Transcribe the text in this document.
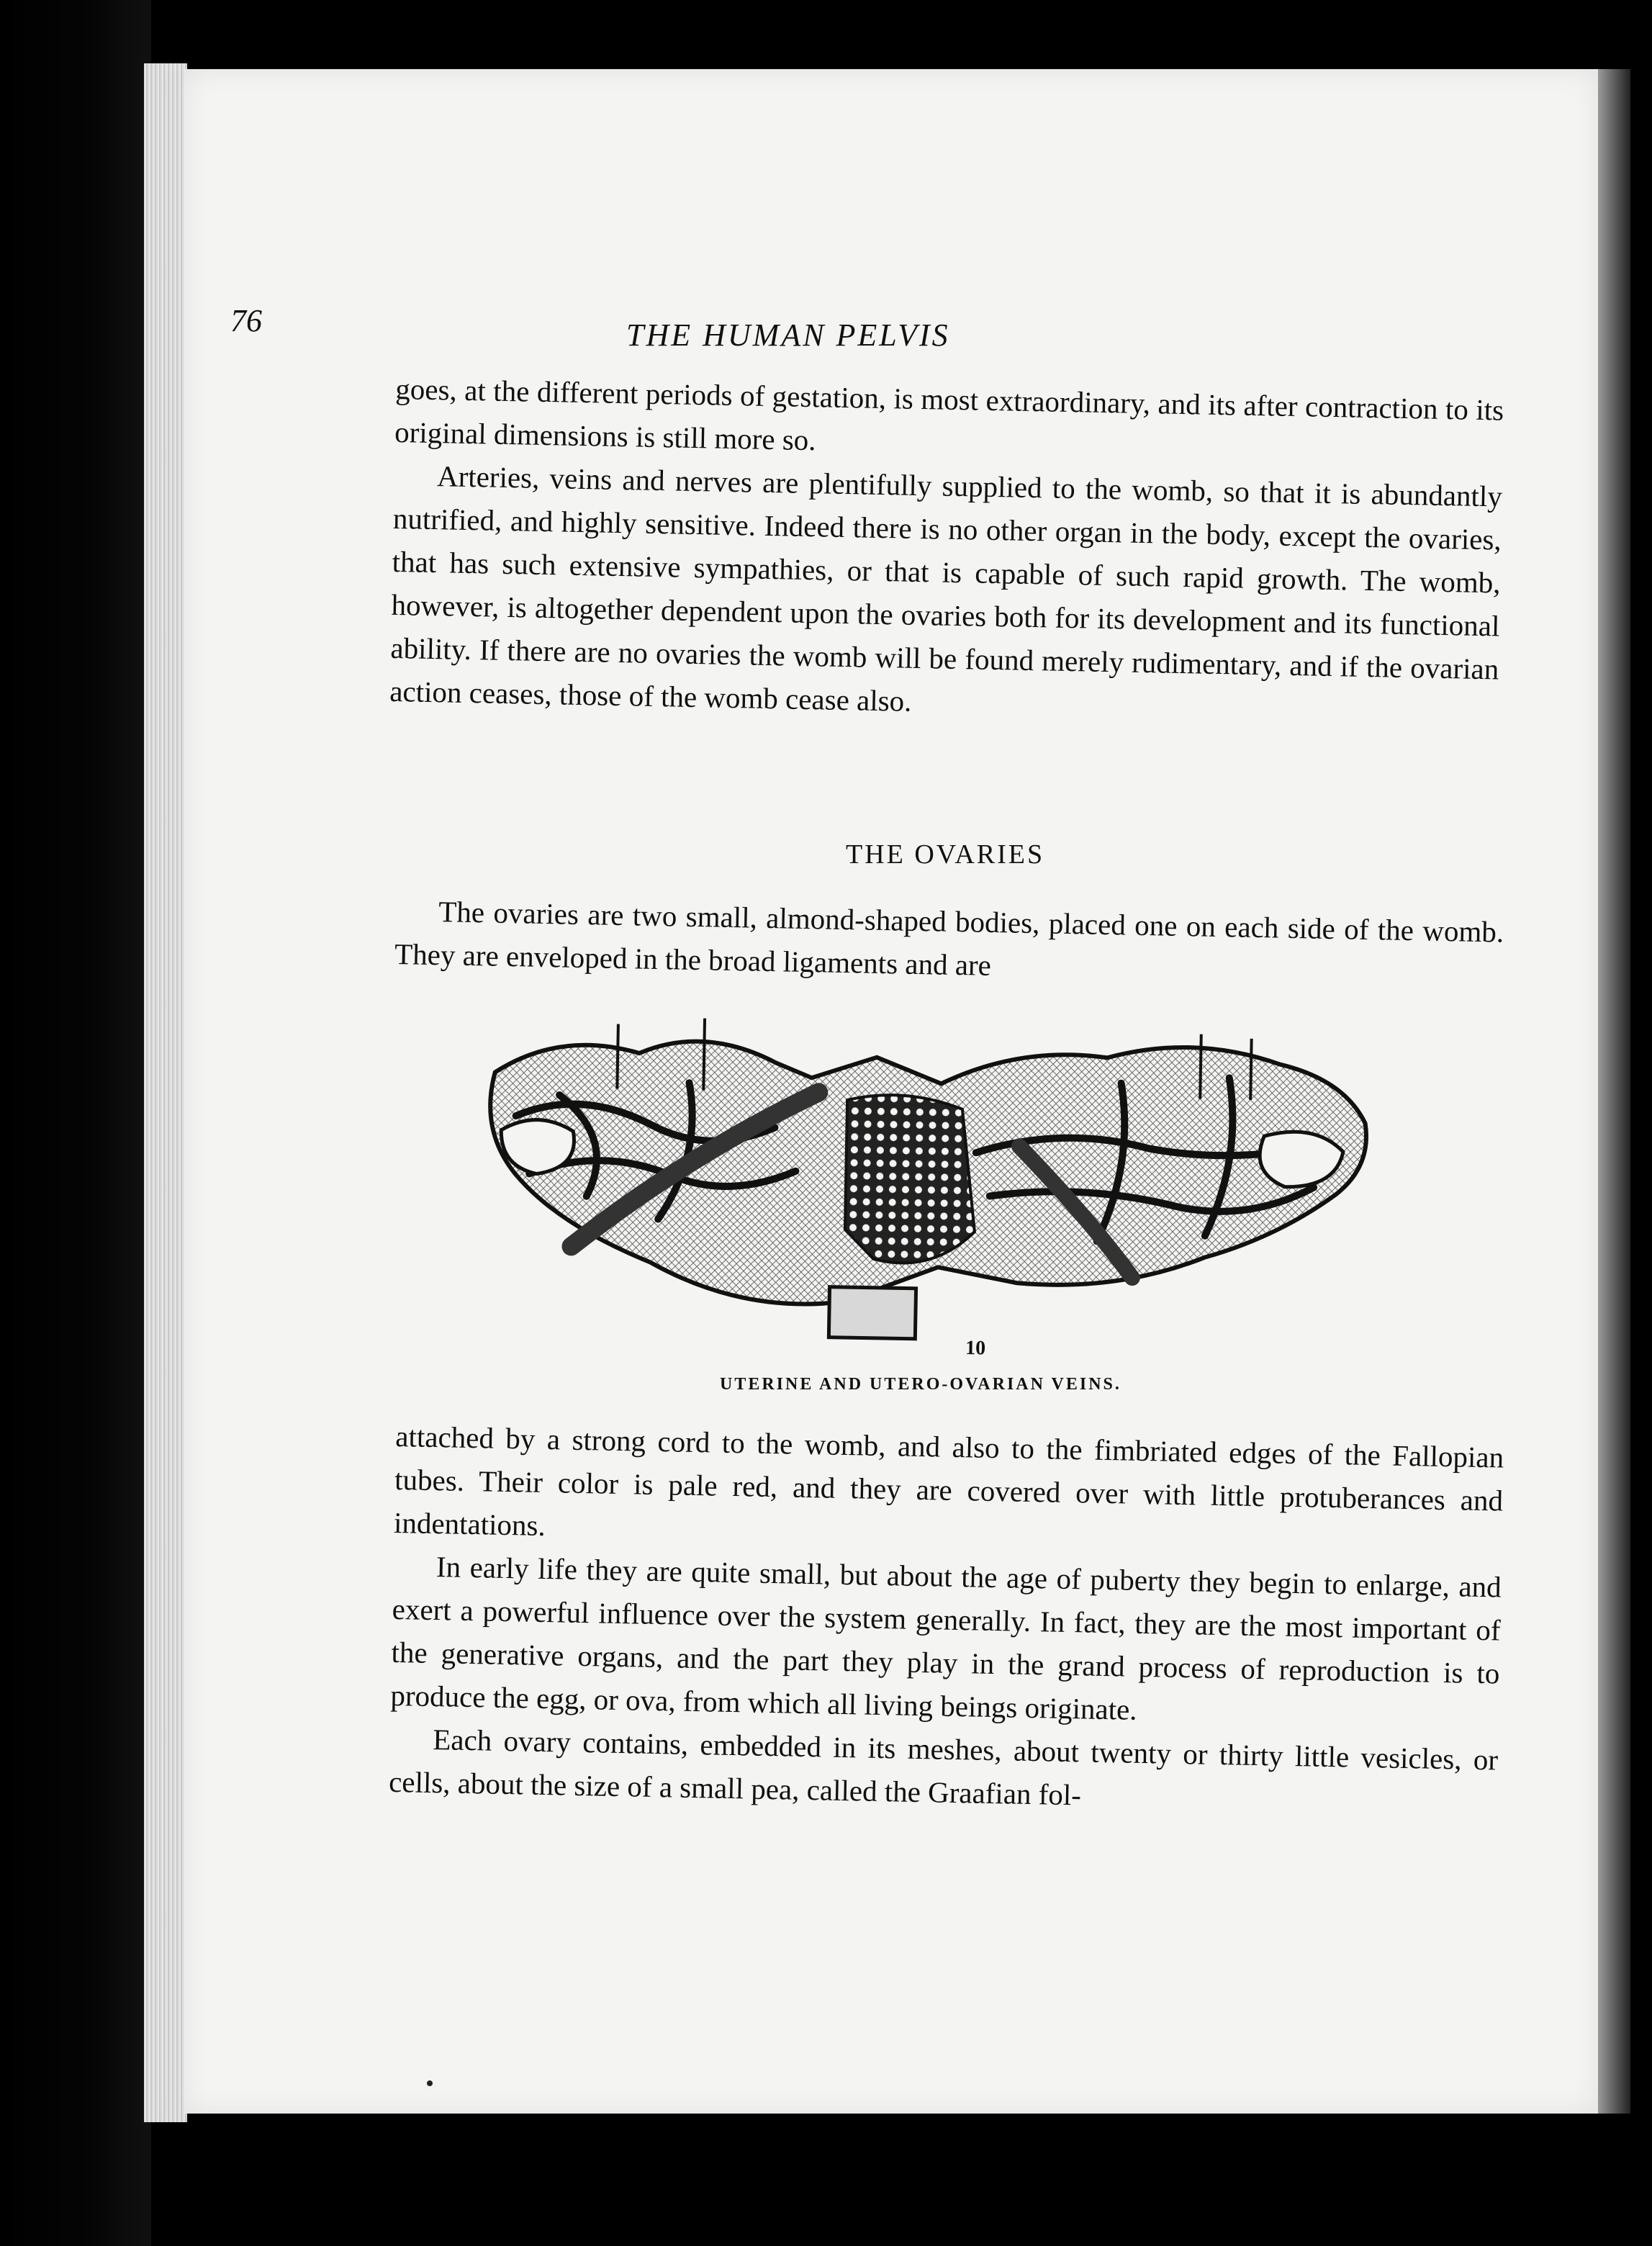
76	THE HUMAN PELVIS

goes, at the different periods of gestation, is most extraordinary, and its after contraction to its original dimensions is still more so.

Arteries, veins and nerves are plentifully supplied to the womb, so that it is abundantly nutrified, and highly sensitive. Indeed there is no other organ in the body, except the ovaries, that has such extensive sympathies, or that is capable of such rapid growth. The womb, however, is altogether dependent upon the ovaries both for its development and its functional ability. If there are no ovaries the womb will be found merely rudimentary, and if the ovarian action ceases, those of the womb cease also.

THE OVARIES

The ovaries are two small, almond-shaped bodies, placed one on each side of the womb. They are enveloped in the broad ligaments and are

10
UTERINE AND UTERO-OVARIAN VEINS.

attached by a strong cord to the womb, and also to the fimbriated edges of the Fallopian tubes. Their color is pale red, and they are covered over with little protuberances and indentations.

In early life they are quite small, but about the age of puberty they begin to enlarge, and exert a powerful influence over the system generally. In fact, they are the most important of the generative organs, and the part they play in the grand process of reproduction is to produce the egg, or ova, from which all living beings originate.

Each ovary contains, embedded in its meshes, about twenty or thirty little vesicles, or cells, about the size of a small pea, called the Graafian fol-
